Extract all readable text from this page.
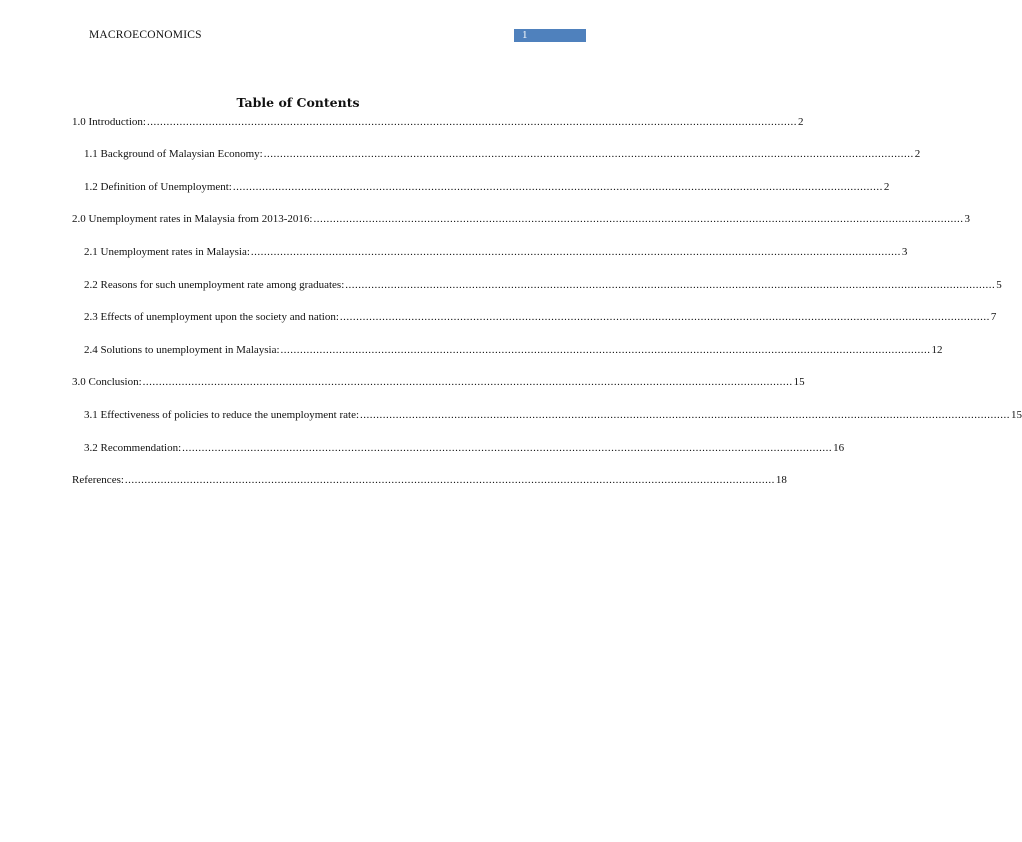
MACROECONOMICS	1
Table of Contents
1.0 Introduction: ........................................................................................................................................................................................................ 2
1.1 Background of Malaysian Economy: ........................................................................................................................................................................................................ 2
1.2 Definition of Unemployment: ........................................................................................................................................................................................................ 2
2.0 Unemployment rates in Malaysia from 2013-2016: ........................................................................................................................................................................................................ 3
2.1 Unemployment rates in Malaysia: ........................................................................................................................................................................................................ 3
2.2 Reasons for such unemployment rate among graduates: ........................................................................................................................................................................................................ 5
2.3 Effects of unemployment upon the society and nation: ........................................................................................................................................................................................................ 7
2.4 Solutions to unemployment in Malaysia: ........................................................................................................................................................................................................ 12
3.0 Conclusion: ........................................................................................................................................................................................................ 15
3.1 Effectiveness of policies to reduce the unemployment rate: ........................................................................................................................................................................................................ 15
3.2 Recommendation: ........................................................................................................................................................................................................ 16
References: ........................................................................................................................................................................................................ 18
